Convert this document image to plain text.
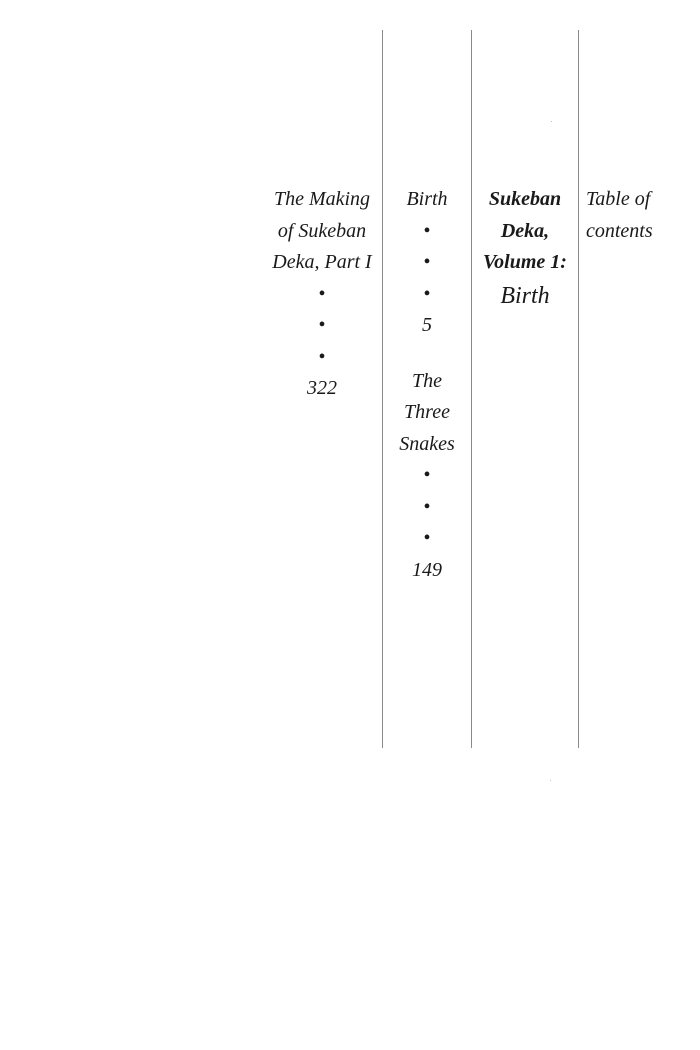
Table of
contents
Sukeban
Deka,
Volume 1:
Birth
Birth
•
•
•
5
The
Three
Snakes
•
•
•
149
The Making
of Sukeban
Deka, Part I
•
•
•
322
